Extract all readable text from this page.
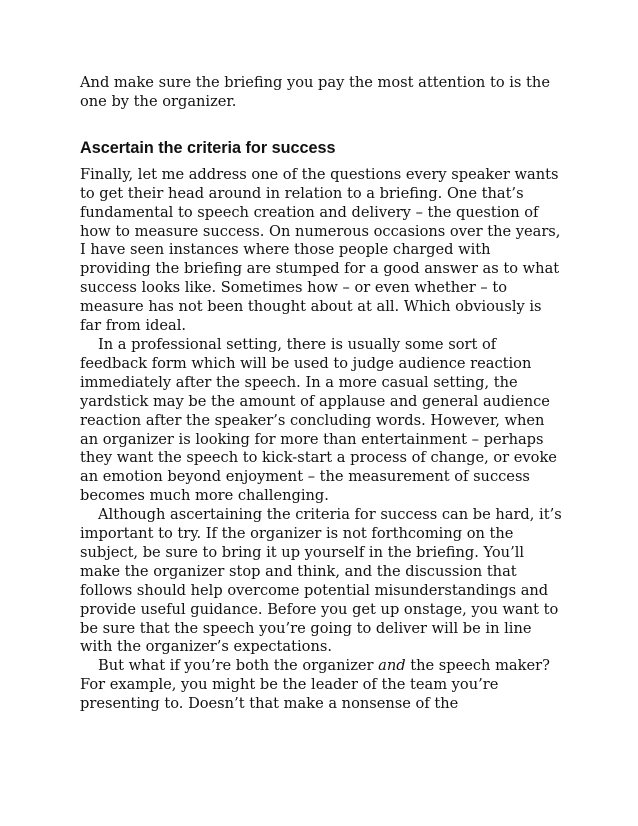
And make sure the briefing you pay the most attention to is the one by the organizer.

Ascertain the criteria for success

Finally, let me address one of the questions every speaker wants to get their head around in relation to a briefing. One that’s fundamental to speech creation and delivery – the question of how to measure success. On numerous occasions over the years, I have seen instances where those people charged with providing the briefing are stumped for a good answer as to what success looks like. Sometimes how – or even whether – to measure has not been thought about at all. Which obviously is far from ideal.

In a professional setting, there is usually some sort of feedback form which will be used to judge audience reaction immediately after the speech. In a more casual setting, the yardstick may be the amount of applause and general audience reaction after the speaker’s concluding words. However, when an organizer is looking for more than entertainment – perhaps they want the speech to kick-start a process of change, or evoke an emotion beyond enjoyment – the measurement of success becomes much more challenging.

Although ascertaining the criteria for success can be hard, it’s important to try. If the organizer is not forthcoming on the subject, be sure to bring it up yourself in the briefing. You’ll make the organizer stop and think, and the discussion that follows should help overcome potential misunderstandings and provide useful guidance. Before you get up onstage, you want to be sure that the speech you’re going to deliver will be in line with the organizer’s expectations.

But what if you’re both the organizer and the speech maker? For example, you might be the leader of the team you’re presenting to. Doesn’t that make a nonsense of the
